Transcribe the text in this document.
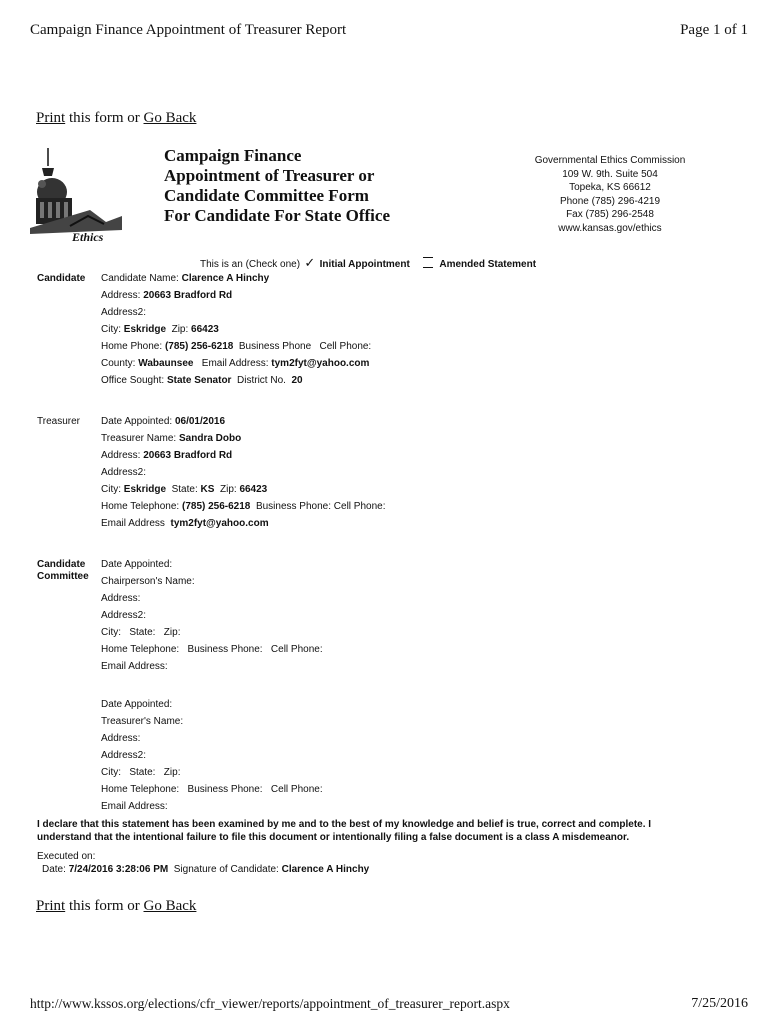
Campaign Finance Appointment of Treasurer Report	Page 1 of 1
Print this form or Go Back
Ethics
Campaign Finance
Appointment of Treasurer or
Candidate Committee Form
For Candidate For State Office
Governmental Ethics Commission
109 W. 9th. Suite 504
Topeka, KS 66612
Phone (785) 296-4219
Fax (785) 296-2548
www.kansas.gov/ethics
This is an (Check one) ✓ Initial Appointment	Amended Statement
Candidate Candidate Name: Clarence A Hinchy
Address: 20663 Bradford Rd
Address2:
City: Eskridge Zip: 66423
Home Phone: (785) 256-6218 Business Phone Cell Phone:
County: Wabaunsee Email Address: tym2fyt@yahoo.com
Office Sought: State Senator District No. 20
Treasurer Date Appointed: 06/01/2016
Treasurer Name: Sandra Dobo
Address: 20663 Bradford Rd
Address2:
City: Eskridge State: KS Zip: 66423
Home Telephone: (785) 256-6218 Business Phone: Cell Phone:
Email Address tym2fyt@yahoo.com
Candidate
Committee
Date Appointed:
Chairperson's Name:
Address:
Address2:
City:   State:   Zip:
Home Telephone:   Business Phone:   Cell Phone:
Email Address:
Date Appointed:
Treasurer's Name:
Address:
Address2:
City:   State:   Zip:
Home Telephone:   Business Phone:   Cell Phone:
Email Address:
I declare that this statement has been examined by me and to the best of my knowledge and belief is true, correct and complete. I
understand that the intentional failure to file this document or intentionally filing a false document is a class A misdemeanor.
Executed on:
Date: 7/24/2016 3:28:06 PM Signature of Candidate: Clarence A Hinchy
Print this form or Go Back
http://www.kssos.org/elections/cfr_viewer/reports/appointment_of_treasurer_report.aspx	7/25/2016
